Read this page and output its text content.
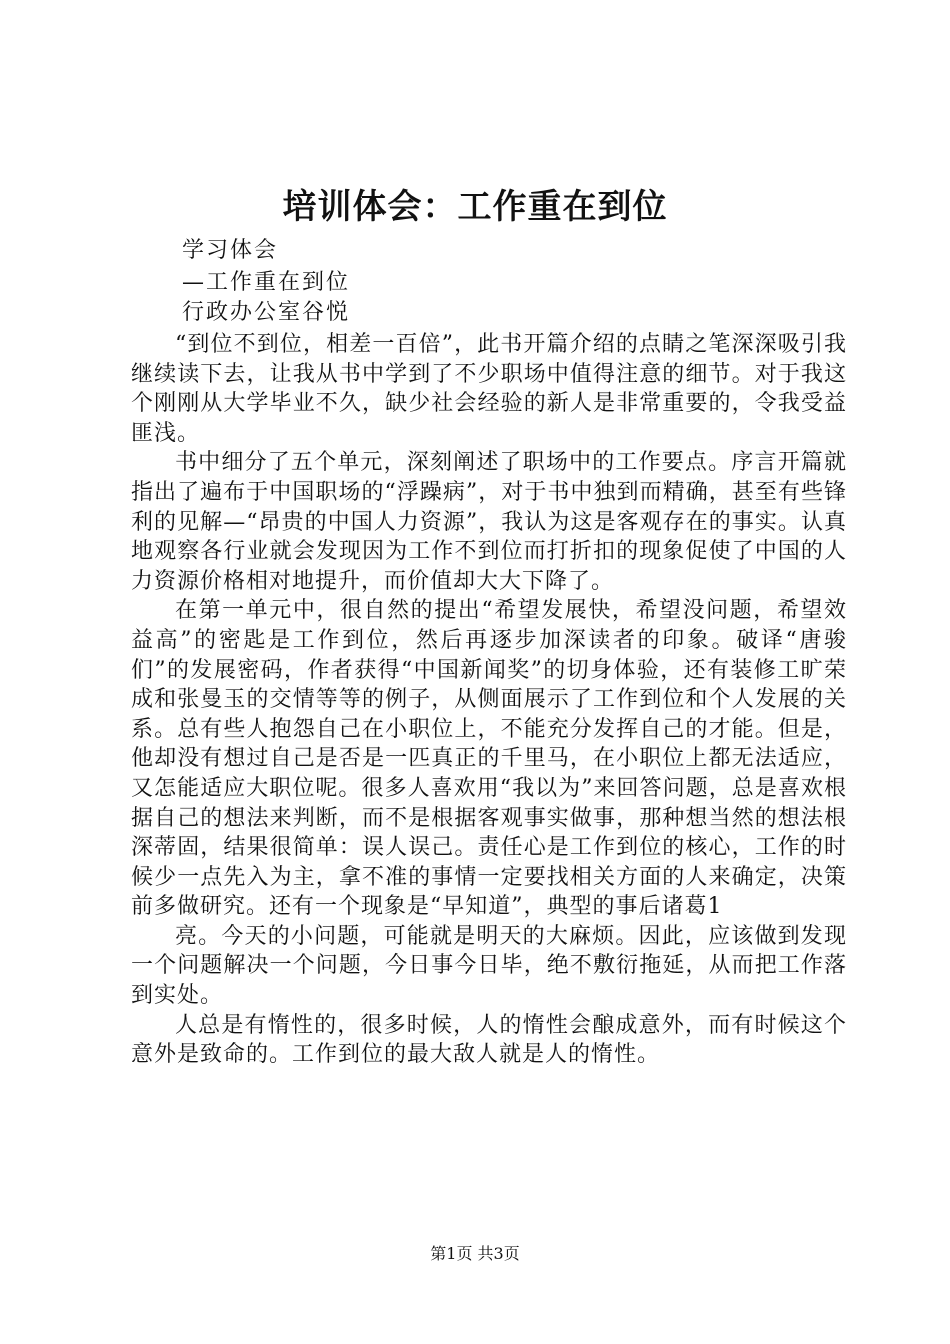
培训体会：工作重在到位
学习体会
—工作重在到位
行政办公室谷悦

“到位不到位，相差一百倍”，此书开篇介绍的点睛之笔深深吸引我继续读下去，让我从书中学到了不少职场中值得注意的细节。对于我这个刚刚从大学毕业不久，缺少社会经验的新人是非常重要的，令我受益匪浅。

书中细分了五个单元，深刻阐述了职场中的工作要点。序言开篇就指出了遍布于中国职场的“浮躁病”，对于书中独到而精确，甚至有些锋利的见解—“昂贵的中国人力资源”，我认为这是客观存在的事实。认真地观察各行业就会发现因为工作不到位而打折扣的现象促使了中国的人力资源价格相对地提升，而价值却大大下降了。

在第一单元中，很自然的提出“希望发展快，希望没问题，希望效益高”的密匙是工作到位，然后再逐步加深读者的印象。破译“唐骏们”的发展密码，作者获得“中国新闻奖”的切身体验，还有装修工旷荣成和张曼玉的交情等等的例子，从侧面展示了工作到位和个人发展的关系。总有些人抱怨自己在小职位上，不能充分发挥自己的才能。但是，他却没有想过自己是否是一匹真正的千里马，在小职位上都无法适应，又怎能适应大职位呢。很多人喜欢用“我以为”来回答问题，总是喜欢根据自己的想法来判断，而不是根据客观事实做事，那种想当然的想法根深蒂固，结果很简单：误人误己。责任心是工作到位的核心，工作的时候少一点先入为主，拿不准的事情一定要找相关方面的人来确定，决策前多做研究。还有一个现象是“早知道”，典型的事后诸葛1

亮。今天的小问题，可能就是明天的大麻烦。因此，应该做到发现一个问题解决一个问题，今日事今日毕，绝不敷衍拖延，从而把工作落到实处。

人总是有惰性的，很多时候，人的惰性会酿成意外，而有时候这个意外是致命的。工作到位的最大敌人就是人的惰性。

第1页 共3页
